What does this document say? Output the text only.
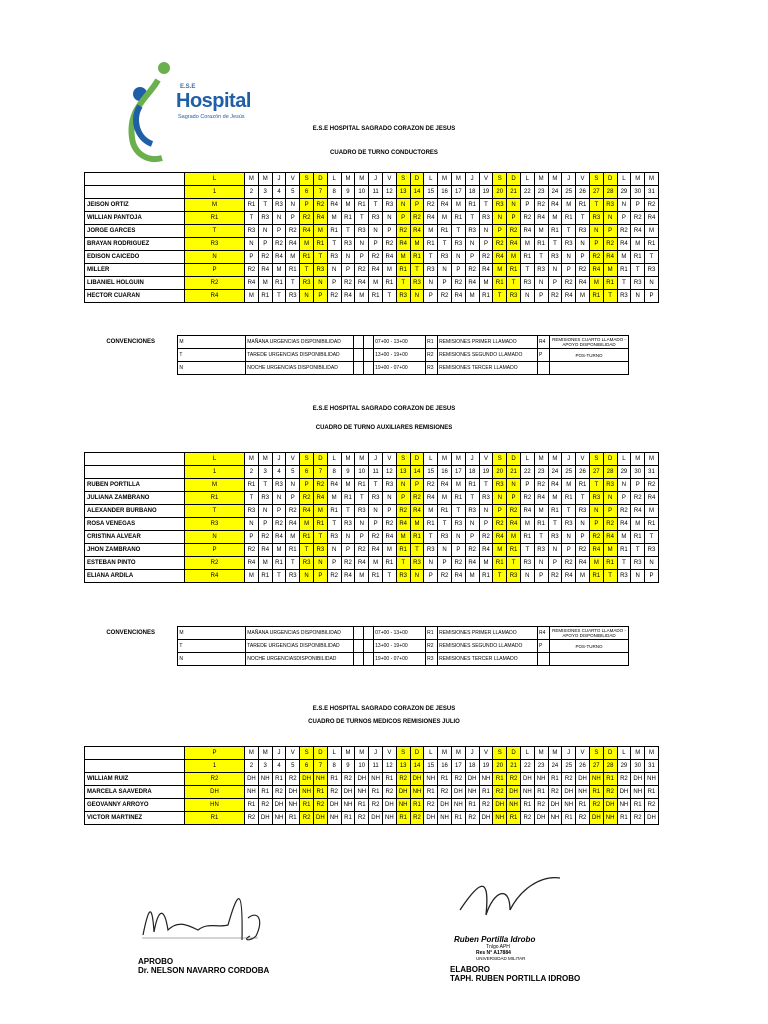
E.S.E
Hospital
Sagrado Corazón de Jesús
E.S.E HOSPITAL SAGRADO CORAZON DE JESUS
CUADRO DE TURNO CONDUCTORES
E.S.E HOSPITAL SAGRADO CORAZON DE JESUS
CUADRO DE TURNO AUXILIARES REMISIONES
E.S.E HOSPITAL SAGRADO CORAZON DE JESUS
CUADRO DE TURNOS MEDICOS REMISIONES JULIO
	L	M	M	J	V	S	D	L	M	M	J	V	S	D	L	M	M	J	V	S	D	L	M	M	J	V	S	D	L	M	M
	1	2	3	4	5	6	7	8	9	10	11	12	13	14	15	16	17	18	19	20	21	22	23	24	25	26	27	28	29	30	31
JEISON ORTIZ	M	R1	T	R3	N	P	R2	R4	M	R1	T	R3	N	P	R2	R4	M	R1	T	R3	N	P	R2	R4	M	R1	T	R3	N	P	R2
WILLIAN PANTOJA	R1	T	R3	N	P	R2	R4	M	R1	T	R3	N	P	R2	R4	M	R1	T	R3	N	P	R2	R4	M	R1	T	R3	N	P	R2	R4
JORGE GARCES	T	R3	N	P	R2	R4	M	R1	T	R3	N	P	R2	R4	M	R1	T	R3	N	P	R2	R4	M	R1	T	R3	N	P	R2	R4	M
BRAYAN RODRIGUEZ	R3	N	P	R2	R4	M	R1	T	R3	N	P	R2	R4	M	R1	T	R3	N	P	R2	R4	M	R1	T	R3	N	P	R2	R4	M	R1
EDISON CAICEDO	N	P	R2	R4	M	R1	T	R3	N	P	R2	R4	M	R1	T	R3	N	P	R2	R4	M	R1	T	R3	N	P	R2	R4	M	R1	T
MILLER	P	R2	R4	M	R1	T	R3	N	P	R2	R4	M	R1	T	R3	N	P	R2	R4	M	R1	T	R3	N	P	R2	R4	M	R1	T	R3
LIBANIEL HOLGUIN	R2	R4	M	R1	T	R3	N	P	R2	R4	M	R1	T	R3	N	P	R2	R4	M	R1	T	R3	N	P	R2	R4	M	R1	T	R3	N
HECTOR CUARAN	R4	M	R1	T	R3	N	P	R2	R4	M	R1	T	R3	N	P	R2	R4	M	R1	T	R3	N	P	R2	R4	M	R1	T	R3	N	P
CONVENCIONES	M	MAÑANA URGENCIAS DISPONIBILIDAD			07+00 - 13+00	R1	REMISIONES PRIMER LLAMADO	R4	REMISIONES CUARTO LLAMADO - APOYO DISPONIBILIDAD
	T	TAREDE URGENCIAS DISPONIBILIDAD			13+00 - 19+00	R2	REMISIONES SEGUNDO LLAMADO	P	POS-TURNO
	N	NOCHE URGENCIAS DISPONIBILIDAD			19+00 - 07+00	R3	REMISIONES TERCER LLAMADO		
	L	M	M	J	V	S	D	L	M	M	J	V	S	D	L	M	M	J	V	S	D	L	M	M	J	V	S	D	L	M	M
	1	2	3	4	5	6	7	8	9	10	11	12	13	14	15	16	17	18	19	20	21	22	23	24	25	26	27	28	29	30	31
RUBEN PORTILLA	M	R1	T	R3	N	P	R2	R4	M	R1	T	R3	N	P	R2	R4	M	R1	T	R3	N	P	R2	R4	M	R1	T	R3	N	P	R2
JULIANA ZAMBRANO	R1	T	R3	N	P	R2	R4	M	R1	T	R3	N	P	R2	R4	M	R1	T	R3	N	P	R2	R4	M	R1	T	R3	N	P	R2	R4
ALEXANDER BURBANO	T	R3	N	P	R2	R4	M	R1	T	R3	N	P	R2	R4	M	R1	T	R3	N	P	R2	R4	M	R1	T	R3	N	P	R2	R4	M
ROSA VENEGAS	R3	N	P	R2	R4	M	R1	T	R3	N	P	R2	R4	M	R1	T	R3	N	P	R2	R4	M	R1	T	R3	N	P	R2	R4	M	R1
CRISTINA ALVEAR	N	P	R2	R4	M	R1	T	R3	N	P	R2	R4	M	R1	T	R3	N	P	R2	R4	M	R1	T	R3	N	P	R2	R4	M	R1	T
JHON ZAMBRANO	P	R2	R4	M	R1	T	R3	N	P	R2	R4	M	R1	T	R3	N	P	R2	R4	M	R1	T	R3	N	P	R2	R4	M	R1	T	R3
ESTEBAN PINTO	R2	R4	M	R1	T	R3	N	P	R2	R4	M	R1	T	R3	N	P	R2	R4	M	R1	T	R3	N	P	R2	R4	M	R1	T	R3	N
ELIANA ARDILA	R4	M	R1	T	R3	N	P	R2	R4	M	R1	T	R3	N	P	R2	R4	M	R1	T	R3	N	P	R2	R4	M	R1	T	R3	N	P
CONVENCIONES	M	MAÑANA URGENCIAS DISPONIBILIDAD			07+00 - 13+00	R1	REMISIONES PRIMER LLAMADO	R4	REMISIONES CUARTO LLAMADO - APOYO DISPONIBILIDAD
	T	TAREDE URGENCIAS DISPONIBILIDAD			13+00 - 19+00	R2	REMISIONES SEGUNDO LLAMADO	P	POS-TURNO
	N	NOCHE URGENCIASDISPONIBILIDAD			19+00 - 07+00	R3	REMISIONES TERCER LLAMADO		
	P	M	M	J	V	S	D	L	M	M	J	V	S	D	L	M	M	J	V	S	D	L	M	M	J	V	S	D	L	M	M
	1	2	3	4	5	6	7	8	9	10	11	12	13	14	15	16	17	18	19	20	21	22	23	24	25	26	27	28	29	30	31
WILLIAM RUIZ	R2	DH	NH	R1	R2	DH	NH	R1	R2	DH	NH	R1	R2	DH	NH	R1	R2	DH	NH	R1	R2	DH	NH	R1	R2	DH	NH	R1	R2	DH	NH
MARCELA SAAVEDRA	DH	NH	R1	R2	DH	NH	R1	R2	DH	NH	R1	R2	DH	NH	R1	R2	DH	NH	R1	R2	DH	NH	R1	R2	DH	NH	R1	R2	DH	NH	R1
GEOVANNY ARROYO	HN	R1	R2	DH	NH	R1	R2	DH	NH	R1	R2	DH	NH	R1	R2	DH	NH	R1	R2	DH	NH	R1	R2	DH	NH	R1	R2	DH	NH	R1	R2
VICTOR MARTINEZ	R1	R2	DH	NH	R1	R2	DH	NH	R1	R2	DH	NH	R1	R2	DH	NH	R1	R2	DH	NH	R1	R2	DH	NH	R1	R2	DH	NH	R1	R2	DH
APROBO
Dr. NELSON NAVARRO CORDOBA
Ruben Portilla Idrobo
Tnlgo APH
Res N° A17884
UNIVERSIDAD MILITAR
ELABORO
TAPH. RUBEN PORTILLA IDROBO
